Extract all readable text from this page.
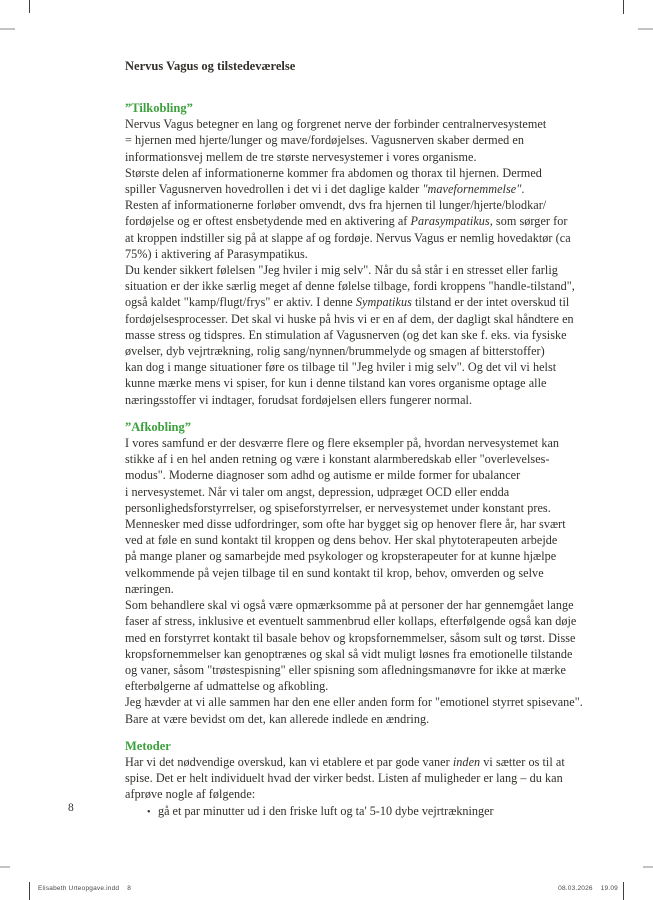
Nervus Vagus og tilstedeværelse
”Tilkobling”
Nervus Vagus betegner en lang og forgrenet nerve der forbinder centralnervesystemet
= hjernen med hjerte/lunger og mave/fordøjelses. Vagusnerven skaber dermed en
informationsvej mellem de tre største nervesystemer i vores organisme.
Største delen af informationerne kommer fra abdomen og thorax til hjernen. Dermed
spiller Vagusnerven hovedrollen i det vi i det daglige kalder "mavefornemmelse".
Resten af informationerne forløber omvendt, dvs fra hjernen til lunger/hjerte/blodkar/
fordøjelse og er oftest ensbetydende med en aktivering af Parasympatikus, som sørger for
at kroppen indstiller sig på at slappe af og fordøje. Nervus Vagus er nemlig hovedaktør (ca
75%) i aktivering af Parasympatikus.
Du kender sikkert følelsen "Jeg hviler i mig selv". Når du så står i en stresset eller farlig
situation er der ikke særlig meget af denne følelse tilbage, fordi kroppens "handle-tilstand",
også kaldet "kamp/flugt/frys" er aktiv. I denne Sympatikus tilstand er der intet overskud til
fordøjelsesprocesser. Det skal vi huske på hvis vi er en af dem, der dagligt skal håndtere en
masse stress og tidspres. En stimulation af Vagusnerven (og det kan ske f. eks. via fysiske
øvelser, dyb vejrtrækning, rolig sang/nynnen/brummelyde og smagen af bitterstoffer)
kan dog i mange situationer føre os tilbage til "Jeg hviler i mig selv". Og det vil vi helst
kunne mærke mens vi spiser, for kun i denne tilstand kan vores organisme optage alle
næringsstoffer vi indtager, forudsat fordøjelsen ellers fungerer normal.
”Afkobling”
I vores samfund er der desværre flere og flere eksempler på, hvordan nervesystemet kan
stikke af i en hel anden retning og være i konstant alarmberedskab eller "overlevelses-
modus". Moderne diagnoser som adhd og autisme er milde former for ubalancer
i nervesystemet. Når vi taler om angst, depression, udpræget OCD eller endda
personlighedsforstyrrelser, og spiseforstyrrelser, er nervesystemet under konstant pres.
Mennesker med disse udfordringer, som ofte har bygget sig op henover flere år, har svært
ved at føle en sund kontakt til kroppen og dens behov. Her skal phytoterapeuten arbejde
på mange planer og samarbejde med psykologer og kropsterapeuter for at kunne hjælpe
velkommende på vejen tilbage til en sund kontakt til krop, behov, omverden og selve
næringen.
Som behandlere skal vi også være opmærksomme på at personer der har gennemgået lange
faser af stress, inklusive et eventuelt sammenbrud eller kollaps, efterfølgende også kan døje
med en forstyrret kontakt til basale behov og kropsfornemmelser, såsom sult og tørst. Disse
kropsfornemmelser kan genoptrænes og skal så vidt muligt løsnes fra emotionelle tilstande
og vaner, såsom "trøstespisning" eller spisning som afledningsmanøvre for ikke at mærke
efterbølgerne af udmattelse og afkobling.
Jeg hævder at vi alle sammen har den ene eller anden form for "emotionel styrret spisevane".
Bare at være bevidst om det, kan allerede indlede en ændring.
Metoder
Har vi det nødvendige overskud, kan vi etablere et par gode vaner inden vi sætter os til at
spise. Det er helt individuelt hvad der virker bedst. Listen af muligheder er lang – du kan
afprøve nogle af følgende:
• gå et par minutter ud i den friske luft og ta' 5-10 dybe vejrtrækninger
8
Elisabeth Urteopgave.indd    8	08.03.2026    19.09
